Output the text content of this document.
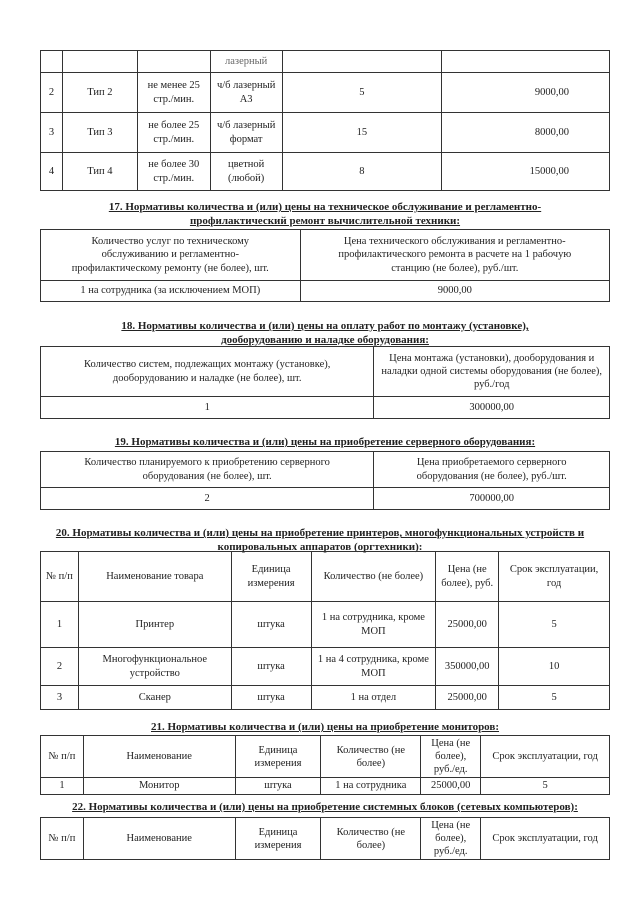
			лазерный		
2	Тип 2	не менее 25 стр./мин.	ч/б лазерный А3	5	9000,00
3	Тип 3	не более 25 стр./мин.	ч/б лазерный формат	15	8000,00
4	Тип 4	не более 30 стр./мин.	цветной (любой)	8	15000,00
17. Нормативы количества и (или) цены на техническое обслуживание и регламентно-профилактический ремонт вычислительной техники:
Количество услуг по техническому обслуживанию и регламентно-профилактическому ремонту (не более), шт.	Цена технического обслуживания и регламентно-профилактического ремонта в расчете на 1 рабочую станцию (не более), руб./шт.
1 на сотрудника (за исключением МОП)	9000,00
18. Нормативы количества и (или) цены на оплату работ по монтажу (установке), дооборудованию и наладке оборудования:
Количество систем, подлежащих монтажу (установке), дооборудованию и наладке (не более), шт.	Цена монтажа (установки), дооборудования и наладки одной системы оборудования (не более), руб./год
1	300000,00
19. Нормативы количества и (или) цены на приобретение серверного оборудования:
Количество планируемого к приобретению серверного оборудования (не более), шт.	Цена приобретаемого серверного оборудования (не более), руб./шт.
2	700000,00
20. Нормативы количества и (или) цены на приобретение принтеров, многофункциональных устройств и копировальных аппаратов (оргтехники):
№ п/п	Наименование товара	Единица измерения	Количество (не более)	Цена (не более), руб.	Срок эксплуатации, год
1	Принтер	штука	1 на сотрудника, кроме МОП	25000,00	5
2	Многофункциональное устройство	штука	1 на 4 сотрудника, кроме МОП	350000,00	10
3	Сканер	штука	1 на отдел	25000,00	5
21. Нормативы количества и (или) цены на приобретение мониторов:
№ п/п	Наименование	Единица измерения	Количество (не более)	Цена (не более), руб./ед.	Срок эксплуатации, год
1	Монитор	штука	1 на сотрудника	25000,00	5
22. Нормативы количества и (или) цены на приобретение системных блоков (сетевых компьютеров):
№ п/п	Наименование	Единица измерения	Количество (не более)	Цена (не более), руб./ед.	Срок эксплуатации, год
